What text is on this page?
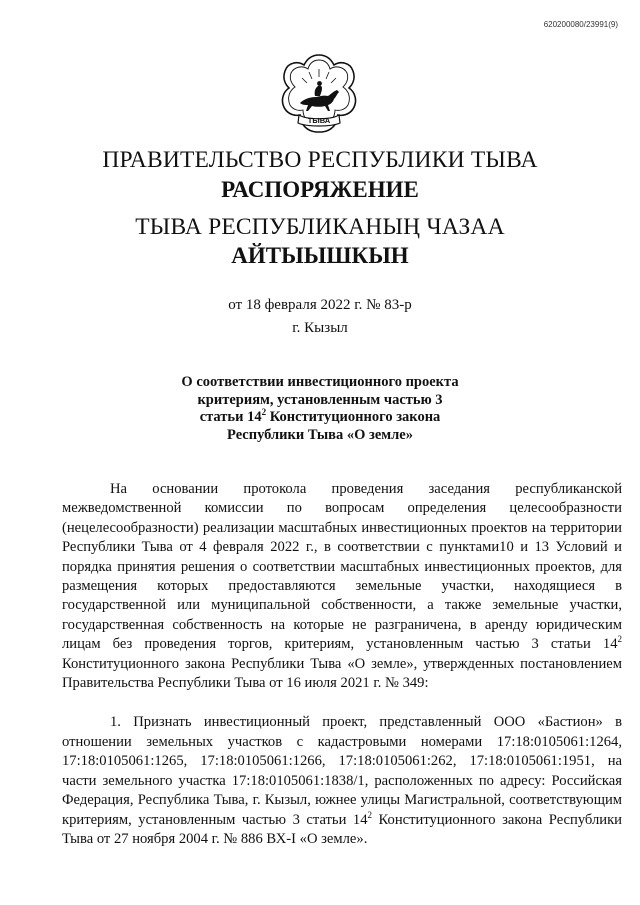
620200080/23991(9)
ТЫВА
ПРАВИТЕЛЬСТВО РЕСПУБЛИКИ ТЫВА
РАСПОРЯЖЕНИЕ
ТЫВА РЕСПУБЛИКАНЫҢ ЧАЗАА
АЙТЫЫШКЫН
от 18 февраля 2022 г. № 83-р
г. Кызыл

О соответствии инвестиционного проекта

критериям, установленным частью 3

статьи $14^2$ Конституционного закона

Республики Тыва «О земле»

На основании протокола проведения заседания республиканской межведомственной комиссии по вопросам определения целесообразности (нецелесообразности) реализации масштабных инвестиционных проектов на территории Республики Тыва от 4 февраля 2022 г., в соответствии с пунктами10 и 13 Условий и порядка принятия решения о соответствии масштабных инвестиционных проектов, для размещения которых предоставляются земельные участки, находящиеся в государственной или муниципальной собственности, а также земельные участки, государственная собственность на которые не разграничена, в аренду юридическим лицам без проведения торгов, критериям, установленным частью 3 статьи $14^2$ Конституционного закона Республики Тыва «О земле», утвержденных постановлением Правительства Республики Тыва от 16 июля 2021 г. № 349:

1. Признать инвестиционный проект, представленный ООО «Бастион» в отношении земельных участков с кадастровыми номерами 17:18:0105061:1264, 17:18:0105061:1265, 17:18:0105061:1266, 17:18:0105061:262, 17:18:0105061:1951, на части земельного участка 17:18:0105061:1838/1, расположенных по адресу: Российская Федерация, Республика Тыва, г. Кызыл, южнее улицы Магистральной, соответствующим критериям, установленным частью 3 статьи $14^2$ Конституционного закона Республики Тыва от 27 ноября 2004 г. № 886 ВХ-I «О земле».
